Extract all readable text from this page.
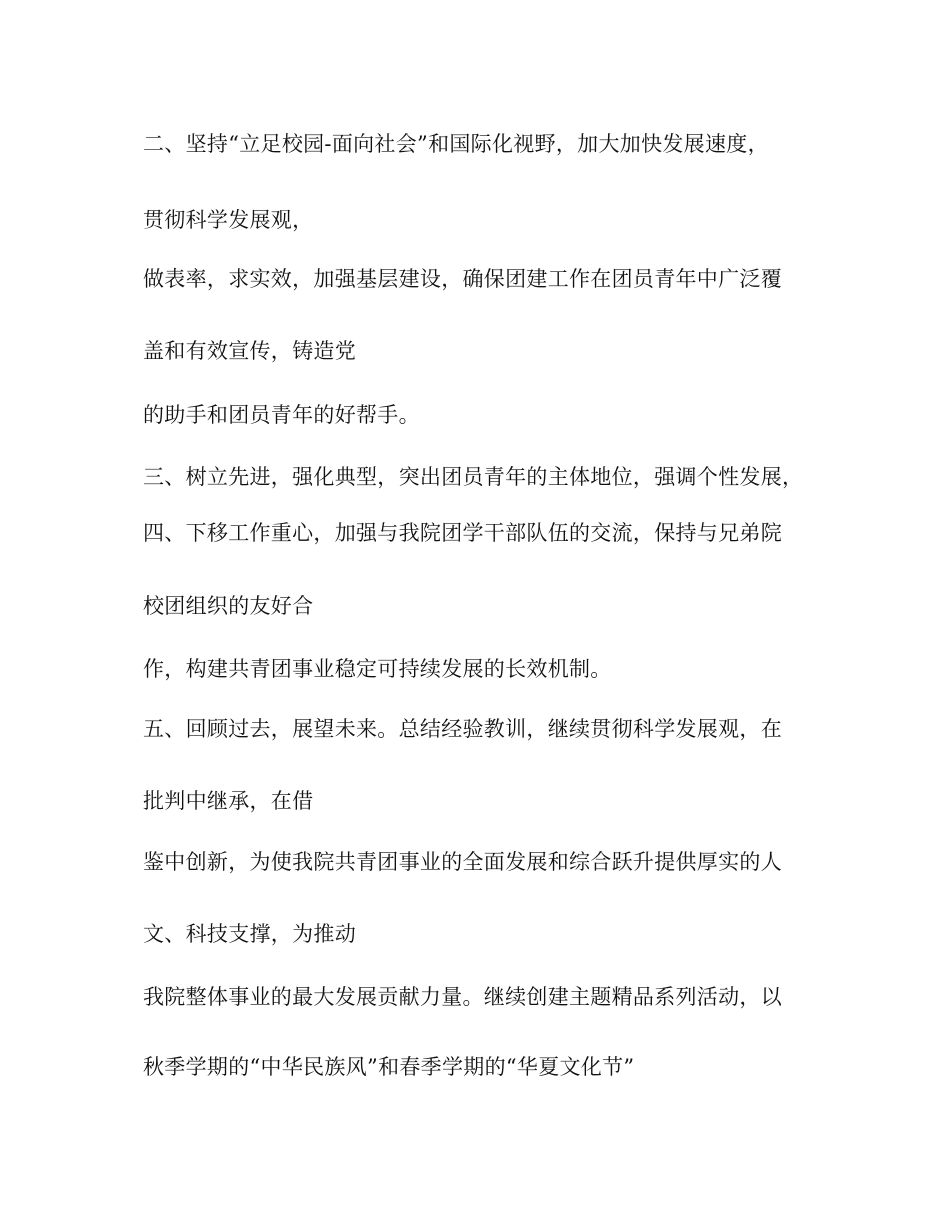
二、坚持“立足校园-面向社会”和国际化视野，加大加快发展速度，
贯彻科学发展观，
做表率，求实效，加强基层建设，确保团建工作在团员青年中广泛覆
盖和有效宣传，铸造党
的助手和团员青年的好帮手。
三、树立先进，强化典型，突出团员青年的主体地位，强调个性发展，
四、下移工作重心，加强与我院团学干部队伍的交流，保持与兄弟院
校团组织的友好合
作，构建共青团事业稳定可持续发展的长效机制。
五、回顾过去，展望未来。总结经验教训，继续贯彻科学发展观，在
批判中继承，在借
鉴中创新，为使我院共青团事业的全面发展和综合跃升提供厚实的人
文、科技支撑，为推动
我院整体事业的最大发展贡献力量。继续创建主题精品系列活动，以
秋季学期的“中华民族风”和春季学期的“华夏文化节”
